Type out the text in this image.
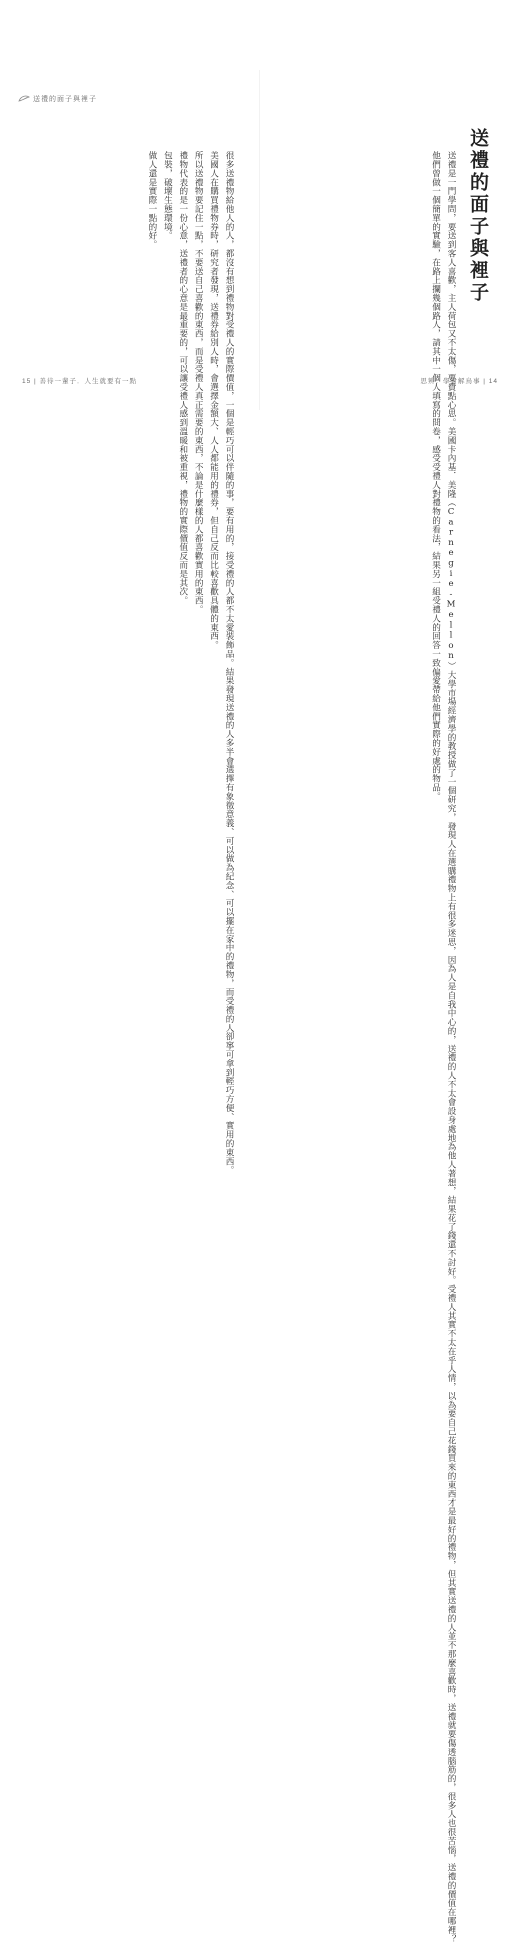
送禮的面子與裡子

很多送禮物給他人的人，都沒有想到禮物對受禮人的實際價值，一個是輕巧可以伴隨的事，要有用的，接受禮的人都不太愛裝飾品。結果發現送禮的人多半會選擇有象徵意義、可以做為紀念、可以擺在家中的禮物，而受禮的人卻寧可拿到輕巧方便、實用的東西。

美國人在購買禮物券時，研究者發現，送禮券給別人時，會選擇金額大、人人都能用的禮券，但自己反而比較喜歡具體的東西。

所以送禮物要記住一點，不要送自己喜歡的東西，而是受禮人真正需要的東西，不論是什麼樣的人都喜歡實用的東西。

禮物代表的是一份心意，送禮者的心意是最重要的，可以讓受禮人感到溫暖和被重視，禮物的實際價值反而是其次。

包裝，破壞生態環境。

做人還是實際一點的好。

15 | 善待一輩子．人生就要有一點
送禮的面子與裡子

送禮是一門學問，要送到客人喜歡，主人荷包又不太傷，要費點心思。美國卡內基．美隆（Carnegie-Mellon）大學市場經濟學的教授做了一個研究，發現人在選購禮物上有很多迷思，因為人是自我中心的，送禮的人不太會設身處地為他人著想，結果花了錢還不討好。受禮人其實不太在乎人情，以為要自己花錢買來的東西才是最好的禮物，但其實送禮的人並不那麼喜歡時，送禮就要傷透腦筋的，很多人也很苦惱，送禮的價值在哪裡？

他們曾做一個簡單的實驗，在路上攔幾個路人，請其中一個人填寫的問卷，感受受禮人對禮物的看法，結果另一組受禮人的回答一致偏愛帶給他們實際的好處的物品。

思辨：學會解鳥事 | 14
